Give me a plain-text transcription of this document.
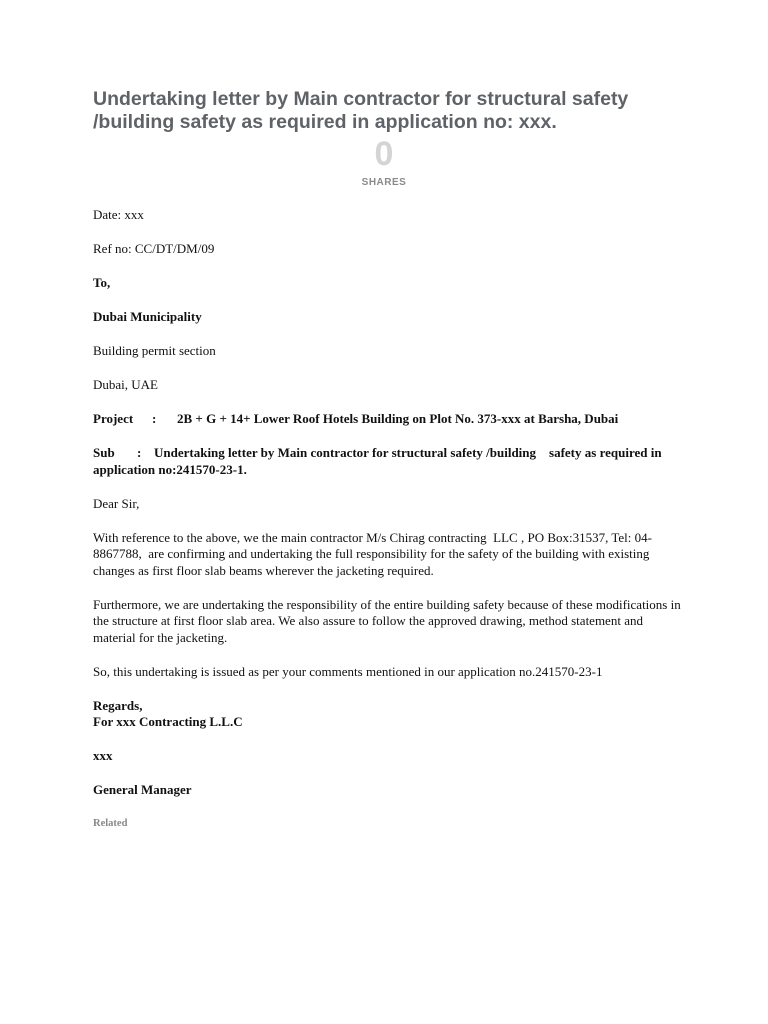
Undertaking letter by Main contractor for structural safety /building safety as required in application no: xxx.
0
SHARES

Date: xxx

Ref no: CC/DT/DM/09

To,

Dubai Municipality

Building permit section

Dubai, UAE

Project : 2B + G + 14+ Lower Roof Hotels Building on Plot No. 373-xxx at Barsha, Dubai

Sub : Undertaking letter by Main contractor for structural safety /building    safety as required in application no:241570-23-1.

Dear Sir,

With reference to the above, we the main contractor M/s Chirag contracting  LLC , PO Box:31537, Tel: 04-8867788,  are confirming and undertaking the full responsibility for the safety of the building with existing changes as first floor slab beams wherever the jacketing required.

Furthermore, we are undertaking the responsibility of the entire building safety because of these modifications in the structure at first floor slab area. We also assure to follow the approved drawing, method statement and material for the jacketing.

So, this undertaking is issued as per your comments mentioned in our application no.241570-23-1

Regards,
For xxx Contracting L.L.C

xxx

General Manager

Related
